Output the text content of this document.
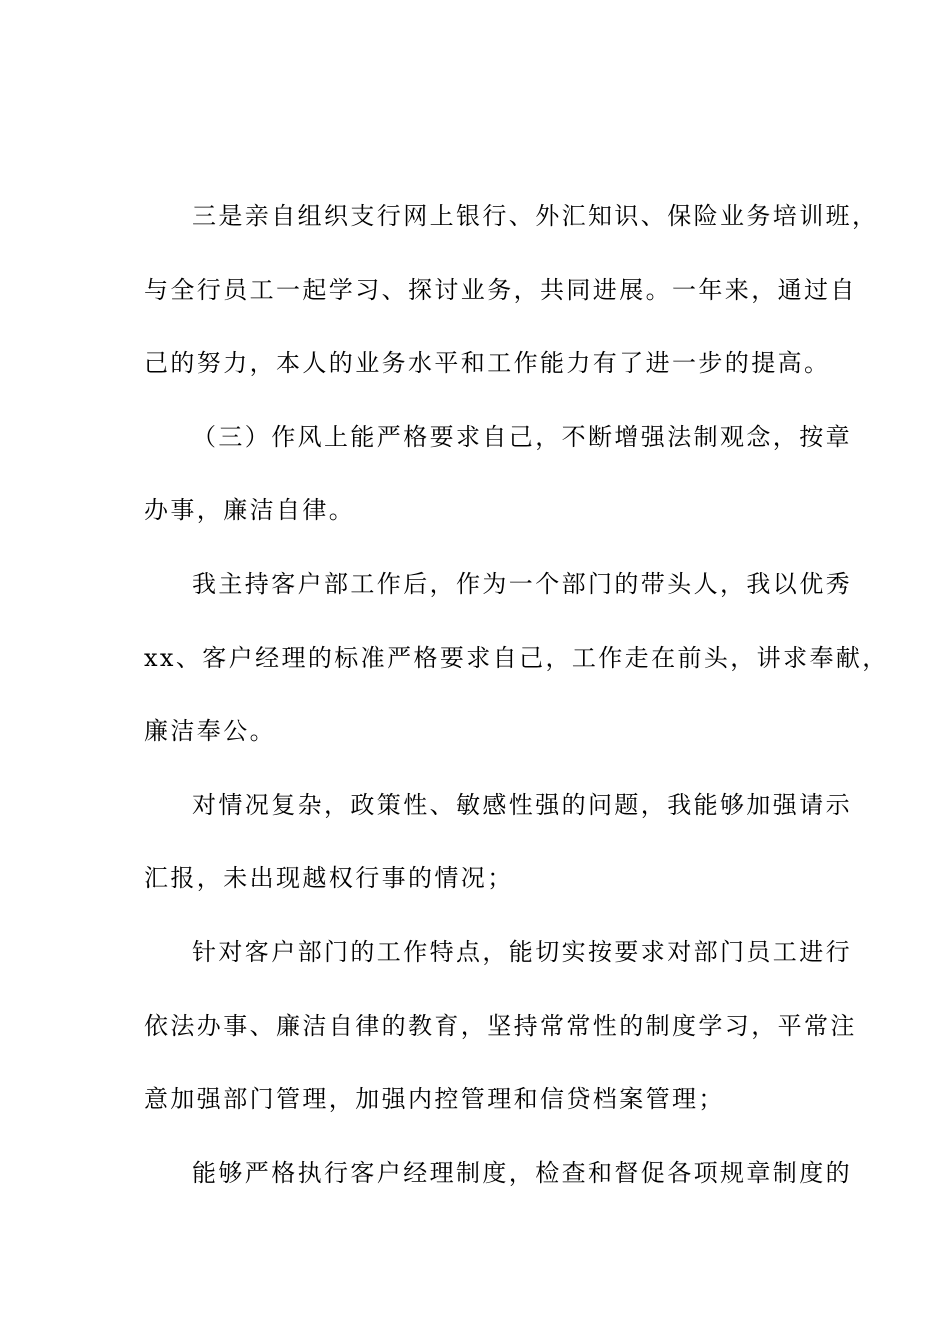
三是亲自组织支行网上银行、外汇知识、保险业务培训班，
与全行员工一起学习、探讨业务，共同进展。一年来，通过自
己的努力，本人的业务水平和工作能力有了进一步的提高。
（三）作风上能严格要求自己，不断增强法制观念，按章
办事，廉洁自律。
我主持客户部工作后，作为一个部门的带头人，我以优秀
xx、客户经理的标准严格要求自己，工作走在前头，讲求奉献，
廉洁奉公。
对情况复杂，政策性、敏感性强的问题，我能够加强请示
汇报，未出现越权行事的情况；
针对客户部门的工作特点，能切实按要求对部门员工进行
依法办事、廉洁自律的教育，坚持常常性的制度学习，平常注
意加强部门管理，加强内控管理和信贷档案管理；
能够严格执行客户经理制度，检查和督促各项规章制度的
